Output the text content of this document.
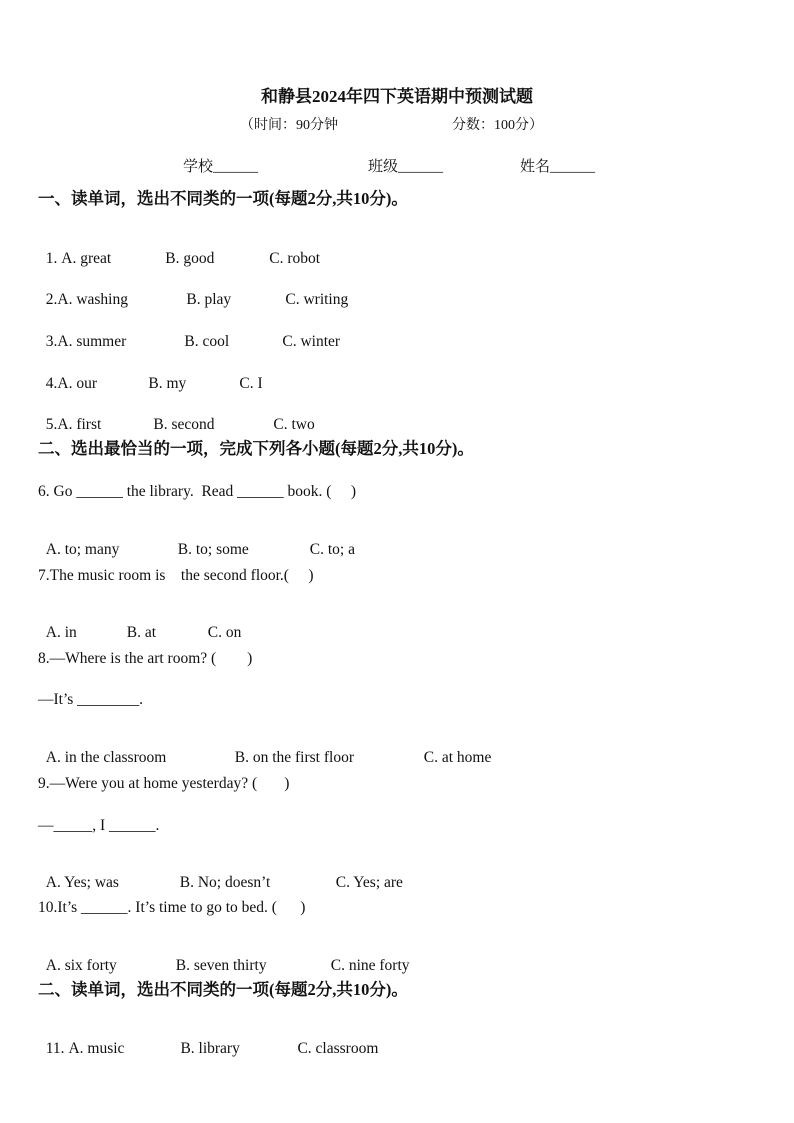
和静县2024年四下英语期中预测试题
（时间：90分钟	分数：100分）
学校______	班级______	姓名______
一、读单词，选出不同类的一项(每题2分,共10分)。

1. A. great	B. good	C. robot

2.A. washing	B. play	C. writing

3.A. summer	B. cool	C. winter

4.A. our	B. my	C. I

5.A. first	B. second	C. two

二、选出最恰当的一项，完成下列各小题(每题2分,共10分)。
6. Go ______ the library.  Read ______ book. (     )

A. to; many	B. to; some	C. to; a

7.The music room is    the second floor.(     )

A. in	B. at	C. on

8.—Where is the art room? (        )
—It’s ________.

A. in the classroom	B. on the first floor	C. at home

9.—Were you at home yesterday? (       )
—_____, I ______.

A. Yes; was	B. No; doesn’t	C. Yes; are

10.It’s ______. It’s time to go to bed. (      )

A. six forty	B. seven thirty	C. nine forty

二、读单词，选出不同类的一项(每题2分,共10分)。

11. A. music	B. library	C. classroom
